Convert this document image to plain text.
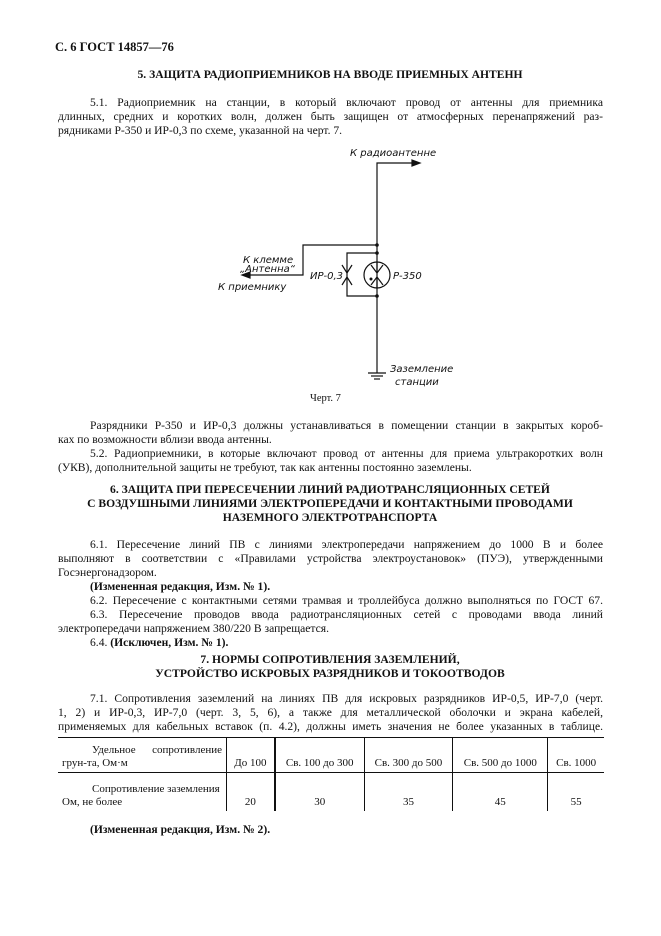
С. 6 ГОСТ 14857—76
5. ЗАЩИТА РАДИОПРИЕМНИКОВ НА ВВОДЕ ПРИЕМНЫХ АНТЕНН
5.1. Радиоприемник на станции, в который включают провод от антенны для приемника
длинных, средних и коротких волн, должен быть защищен от атмосферных перенапряжений раз-
рядниками Р-350 и ИР-0,3 по схеме, указанной на черт. 7.
К радиоантенне
К клемме
„Антенна“
К приемнику
ИР-0,3	Р-350
Заземление
станции
Черт. 7
Разрядники Р-350 и ИР-0,3 должны устанавливаться в помещении станции в закрытых короб-
ках по возможности вблизи ввода антенны.
5.2. Радиоприемники, в которые включают провод от антенны для приема ультракоротких волн
(УКВ), дополнительной защиты не требуют, так как антенны постоянно заземлены.
6. ЗАЩИТА ПРИ ПЕРЕСЕЧЕНИИ ЛИНИЙ РАДИОТРАНСЛЯЦИОННЫХ СЕТЕЙ
С ВОЗДУШНЫМИ ЛИНИЯМИ ЭЛЕКТРОПЕРЕДАЧИ И КОНТАКТНЫМИ ПРОВОДАМИ
НАЗЕМНОГО ЭЛЕКТРОТРАНСПОРТА
6.1. Пересечение линий ПВ с линиями электропередачи напряжением до 1000 В и более
выполняют в соответствии с «Правилами устройства электроустановок» (ПУЭ), утвержденными
Госэнергонадзором.
(Измененная редакция, Изм. № 1).
6.2. Пересечение с контактными сетями трамвая и троллейбуса должно выполняться по ГОСТ 67.
6.3. Пересечение проводов ввода радиотрансляционных сетей с проводами ввода линий
электропередачи напряжением 380/220 В запрещается.
6.4. (Исключен, Изм. № 1).
7. НОРМЫ СОПРОТИВЛЕНИЯ ЗАЗЕМЛЕНИЙ,
УСТРОЙСТВО ИСКРОВЫХ РАЗРЯДНИКОВ И ТОКООТВОДОВ
7.1. Сопротивления заземлений на линиях ПВ для искровых разрядников ИР-0,5, ИР-7,0 (черт.
1, 2) и ИР-0,3, ИР-7,0 (черт. 3, 5, 6), а также для металлической оболочки и экрана кабелей,
применяемых для кабельных вставок (п. 4.2), должны иметь значения не более указанных в таблице.
Удельное сопротивление грун-та, Ом·м	До 100	Св. 100 до 300	Св. 300 до 500	Св. 500 до 1000	Св. 1000
Сопротивление заземления Ом, не более	20	30	35	45	55
(Измененная редакция, Изм. № 2).
